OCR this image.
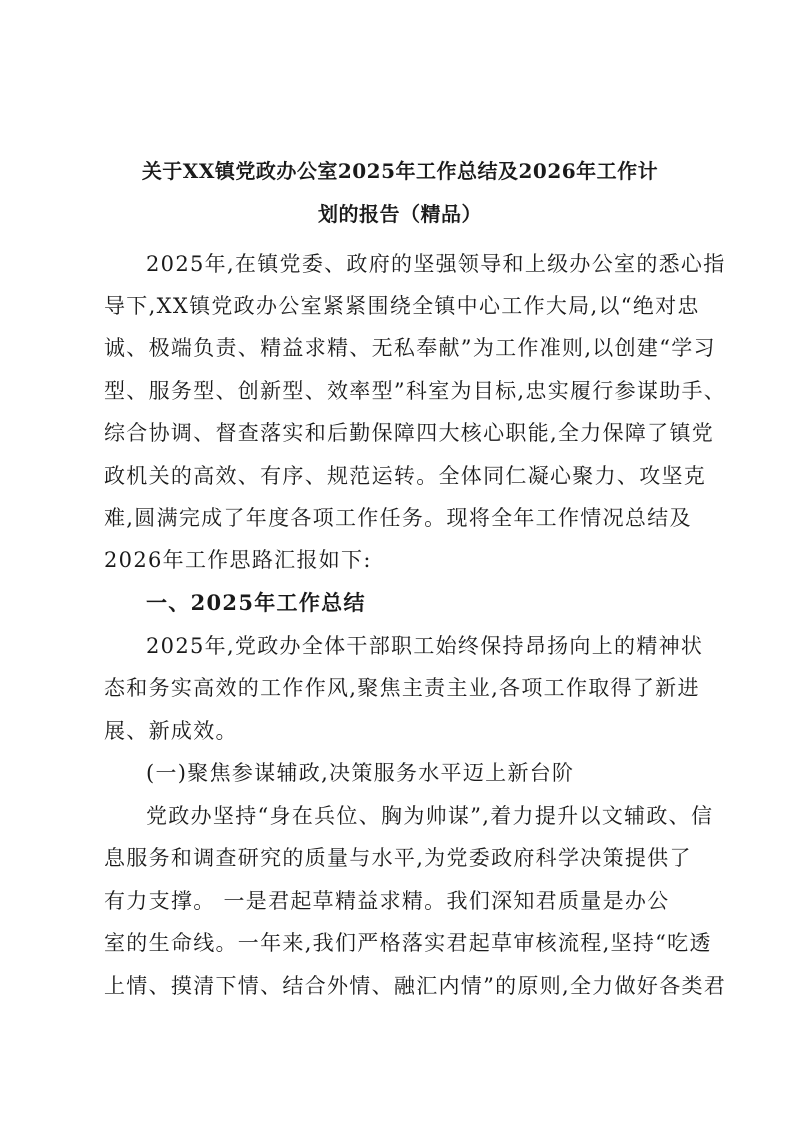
关于XX镇党政办公室2025年工作总结及2026年工作计
划的报告（精品）
2025年,在镇党委、政府的坚强领导和上级办公室的悉心指
导下,XX镇党政办公室紧紧围绕全镇中心工作大局,以“绝对忠
诚、极端负责、精益求精、无私奉献”为工作准则,以创建“学习
型、服务型、创新型、效率型”科室为目标,忠实履行参谋助手、
综合协调、督查落实和后勤保障四大核心职能,全力保障了镇党
政机关的高效、有序、规范运转。全体同仁凝心聚力、攻坚克
难,圆满完成了年度各项工作任务。现将全年工作情况总结及
2026年工作思路汇报如下:
一、2025年工作总结
2025年,党政办全体干部职工始终保持昂扬向上的精神状
态和务实高效的工作作风,聚焦主责主业,各项工作取得了新进
展、新成效。
(一)聚焦参谋辅政,决策服务水平迈上新台阶
党政办坚持“身在兵位、胸为帅谋”,着力提升以文辅政、信
息服务和调查研究的质量与水平,为党委政府科学决策提供了
有力支撑。 一是君起草精益求精。我们深知君质量是办公
室的生命线。一年来,我们严格落实君起草审核流程,坚持“吃透
上情、摸清下情、结合外情、融汇内情”的原则,全力做好各类君
